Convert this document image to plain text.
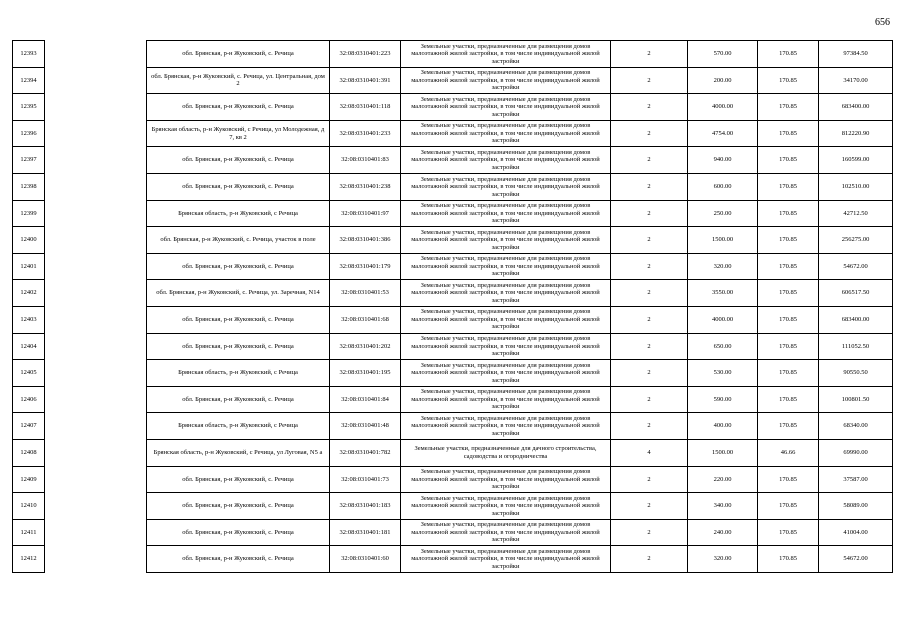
656
12393		обл. Брянская, р-н Жуковский, с. Речица	32:08:0310401:223	Земельные участки, предназначенные для размещения домов малоэтажной жилой застройки, в том числе индивидуальной жилой застройки	2	570.00	170.85	97384.50
12394		обл. Брянская, р-н Жуковский, с. Речица, ул. Центральная, дом 2	32:08:0310401:391	Земельные участки, предназначенные для размещения домов малоэтажной жилой застройки, в том числе индивидуальной жилой застройки	2	200.00	170.85	34170.00
12395		обл. Брянская, р-н Жуковский, с. Речица	32:08:0310401:118	Земельные участки, предназначенные для размещения домов малоэтажной жилой застройки, в том числе индивидуальной жилой застройки	2	4000.00	170.85	683400.00
12396		Брянская область, р-н Жуковский, с Речица, ул Молодежная, д 7, кв 2	32:08:0310401:233	Земельные участки, предназначенные для размещения домов малоэтажной жилой застройки, в том числе индивидуальной жилой застройки	2	4754.00	170.85	812220.90
12397		обл. Брянская, р-н Жуковский, с. Речица	32:08:0310401:83	Земельные участки, предназначенные для размещения домов малоэтажной жилой застройки, в том числе индивидуальной жилой застройки	2	940.00	170.85	160599.00
12398		обл. Брянская, р-н Жуковский, с. Речица	32:08:0310401:238	Земельные участки, предназначенные для размещения домов малоэтажной жилой застройки, в том числе индивидуальной жилой застройки	2	600.00	170.85	102510.00
12399		Брянская область, р-н Жуковский, с Речица	32:08:0310401:97	Земельные участки, предназначенные для размещения домов малоэтажной жилой застройки, в том числе индивидуальной жилой застройки	2	250.00	170.85	42712.50
12400		обл. Брянская, р-н Жуковский, с. Речица, участок в поле	32:08:0310401:386	Земельные участки, предназначенные для размещения домов малоэтажной жилой застройки, в том числе индивидуальной жилой застройки	2	1500.00	170.85	256275.00
12401		обл. Брянская, р-н Жуковский, с. Речица	32:08:0310401:179	Земельные участки, предназначенные для размещения домов малоэтажной жилой застройки, в том числе индивидуальной жилой застройки	2	320.00	170.85	54672.00
12402		обл. Брянская, р-н Жуковский, с. Речица, ул. Заречная, N14	32:08:0310401:53	Земельные участки, предназначенные для размещения домов малоэтажной жилой застройки, в том числе индивидуальной жилой застройки	2	3550.00	170.85	606517.50
12403		обл. Брянская, р-н Жуковский, с. Речица	32:08:0310401:68	Земельные участки, предназначенные для размещения домов малоэтажной жилой застройки, в том числе индивидуальной жилой застройки	2	4000.00	170.85	683400.00
12404		обл. Брянская, р-н Жуковский, с. Речица	32:08:0310401:202	Земельные участки, предназначенные для размещения домов малоэтажной жилой застройки, в том числе индивидуальной жилой застройки	2	650.00	170.85	111052.50
12405		Брянская область, р-н Жуковский, с Речица	32:08:0310401:195	Земельные участки, предназначенные для размещения домов малоэтажной жилой застройки, в том числе индивидуальной жилой застройки	2	530.00	170.85	90550.50
12406		обл. Брянская, р-н Жуковский, с. Речица	32:08:0310401:84	Земельные участки, предназначенные для размещения домов малоэтажной жилой застройки, в том числе индивидуальной жилой застройки	2	590.00	170.85	100801.50
12407		Брянская область, р-н Жуковский, с Речица	32:08:0310401:48	Земельные участки, предназначенные для размещения домов малоэтажной жилой застройки, в том числе индивидуальной жилой застройки	2	400.00	170.85	68340.00
12408		Брянская область, р-н Жуковский, с Речица, ул Луговая, N5 а	32:08:0310401:782	Земельные участки, предназначенные для дачного строительства, садоводства и огородничества	4	1500.00	46.66	69990.00
12409		обл. Брянская, р-н Жуковский, с. Речица	32:08:0310401:73	Земельные участки, предназначенные для размещения домов малоэтажной жилой застройки, в том числе индивидуальной жилой застройки	2	220.00	170.85	37587.00
12410		обл. Брянская, р-н Жуковский, с. Речица	32:08:0310401:183	Земельные участки, предназначенные для размещения домов малоэтажной жилой застройки, в том числе индивидуальной жилой застройки	2	340.00	170.85	58089.00
12411		обл. Брянская, р-н Жуковский, с. Речица	32:08:0310401:181	Земельные участки, предназначенные для размещения домов малоэтажной жилой застройки, в том числе индивидуальной жилой застройки	2	240.00	170.85	41004.00
12412		обл. Брянская, р-н Жуковский, с. Речица	32:08:0310401:60	Земельные участки, предназначенные для размещения домов малоэтажной жилой застройки, в том числе индивидуальной жилой застройки	2	320.00	170.85	54672.00
